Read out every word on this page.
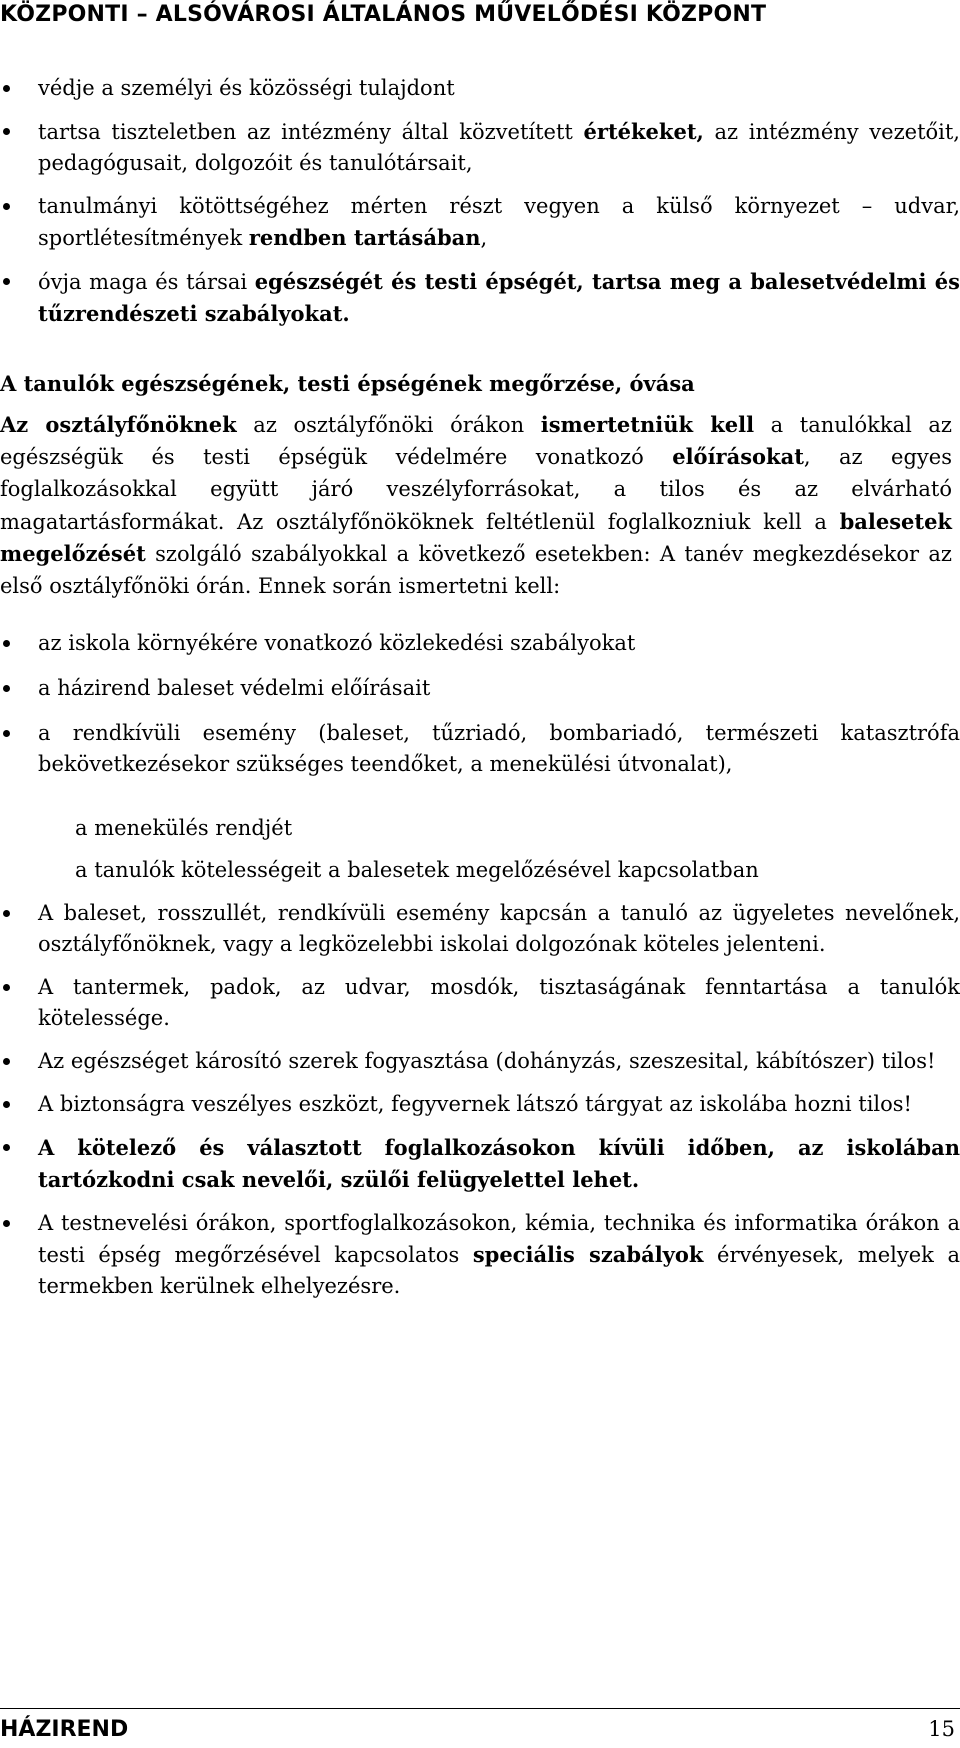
KÖZPONTI – ALSÓVÁROSI ÁLTALÁNOS MŰVELŐDÉSI KÖZPONT
védje a személyi és közösségi tulajdont
tartsa tiszteletben az intézmény által közvetített értékeket, az intézmény vezetőit, pedagógusait, dolgozóit és tanulótársait,
tanulmányi kötöttségéhez mérten részt vegyen a külső környezet – udvar, sportlétesítmények rendben tartásában,
óvja maga és társai egészségét és testi épségét, tartsa meg a balesetvédelmi és tűzrendészeti szabályokat.
A tanulók egészségének, testi épségének megőrzése, óvása
Az osztályfőnöknek az osztályfőnöki órákon ismertetniük kell a tanulókkal az egészségük és testi épségük védelmére vonatkozó előírásokat, az egyes foglalkozásokkal együtt járó veszélyforrásokat, a tilos és az elvárható magatartásformákat. Az osztályfőnököknek feltétlenül foglalkozniuk kell a balesetek megelőzését szolgáló szabályokkal a következő esetekben: A tanév megkezdésekor az első osztályfőnöki órán. Ennek során ismertetni kell:
az iskola környékére vonatkozó közlekedési szabályokat
a házirend baleset védelmi előírásait
a rendkívüli esemény (baleset, tűzriadó, bombariadó, természeti katasztrófa bekövetkezésekor szükséges teendőket, a menekülési útvonalat),
a menekülés rendjét
a tanulók kötelességeit a balesetek megelőzésével kapcsolatban
A baleset, rosszullét, rendkívüli esemény kapcsán a tanuló az ügyeletes nevelőnek, osztályfőnöknek, vagy a legközelebbi iskolai dolgozónak köteles jelenteni.
A tantermek, padok, az udvar, mosdók, tisztaságának fenntartása a tanulók kötelessége.
Az egészséget károsító szerek fogyasztása (dohányzás, szeszesital, kábítószer) tilos!
A biztonságra veszélyes eszközt, fegyvernek látszó tárgyat az iskolába hozni tilos!
A kötelező és választott foglalkozásokon kívüli időben, az iskolában tartózkodni csak nevelői, szülői felügyelettel lehet.
A testnevelési órákon, sportfoglalkozásokon, kémia, technika és informatika órákon a testi épség megőrzésével kapcsolatos speciális szabályok érvényesek, melyek a termekben kerülnek elhelyezésre.
HÁZIREND	15
